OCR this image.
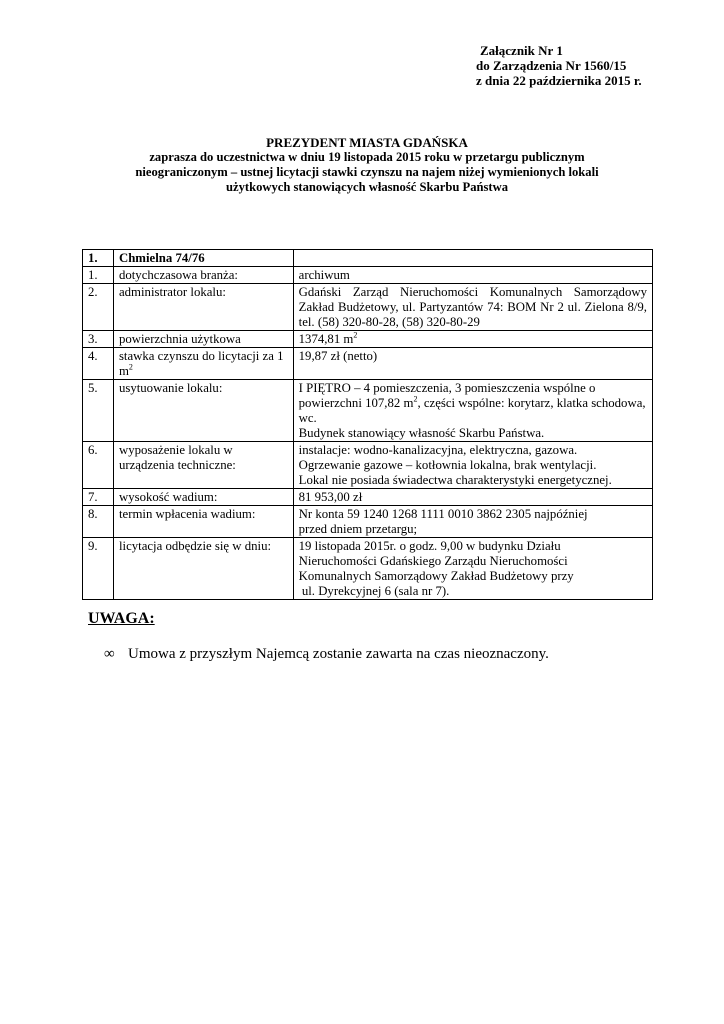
Załącznik Nr 1
do Zarządzenia Nr 1560/15
z dnia 22 października 2015 r.
PREZYDENT MIASTA GDAŃSKA
zaprasza do uczestnictwa w dniu 19 listopada 2015 roku w przetargu publicznym
nieograniczonym – ustnej licytacji stawki czynszu na najem niżej wymienionych lokali
użytkowych stanowiących własność Skarbu Państwa
1.	Chmielna 74/76	
1.	dotychczasowa branża:	archiwum
2.	administrator lokalu:	Gdański Zarząd Nieruchomości Komunalnych Samorządowy Zakład Budżetowy, ul. Partyzantów 74: BOM Nr 2 ul. Zielona 8/9, tel. (58) 320-80-28, (58) 320-80-29
3.	powierzchnia użytkowa	1374,81 $m^2$
4.	stawka czynszu do licytacji za 1 $m^2$	19,87 zł (netto)
5.	usytuowanie lokalu:	I PIĘTRO – 4 pomieszczenia, 3 pomieszczenia wspólne o powierzchni 107,82 $m^2$, części wspólne: korytarz, klatka schodowa, wc.
Budynek stanowiący własność Skarbu Państwa.
6.	wyposażenie lokalu w urządzenia techniczne:	instalacje: wodno-kanalizacyjna, elektryczna, gazowa.
Ogrzewanie gazowe – kotłownia lokalna, brak wentylacji.
Lokal nie posiada świadectwa charakterystyki energetycznej.

7.	wysokość wadium:	81 953,00 zł
8.	termin wpłacenia wadium:	Nr konta 59 1240 1268 1111 0010 3862 2305 najpóźniej
przed dniem przetargu;

9.	licytacja odbędzie się w dniu:	19 listopada 2015r. o godz. 9,00 w budynku Działu
Nieruchomości Gdańskiego Zarządu Nieruchomości
Komunalnych Samorządowy Zakład Budżetowy przy
ul. Dyrekcyjnej 6 (sala nr 7).
UWAGA:
∞ Umowa z przyszłym Najemcą zostanie zawarta na czas nieoznaczony.
